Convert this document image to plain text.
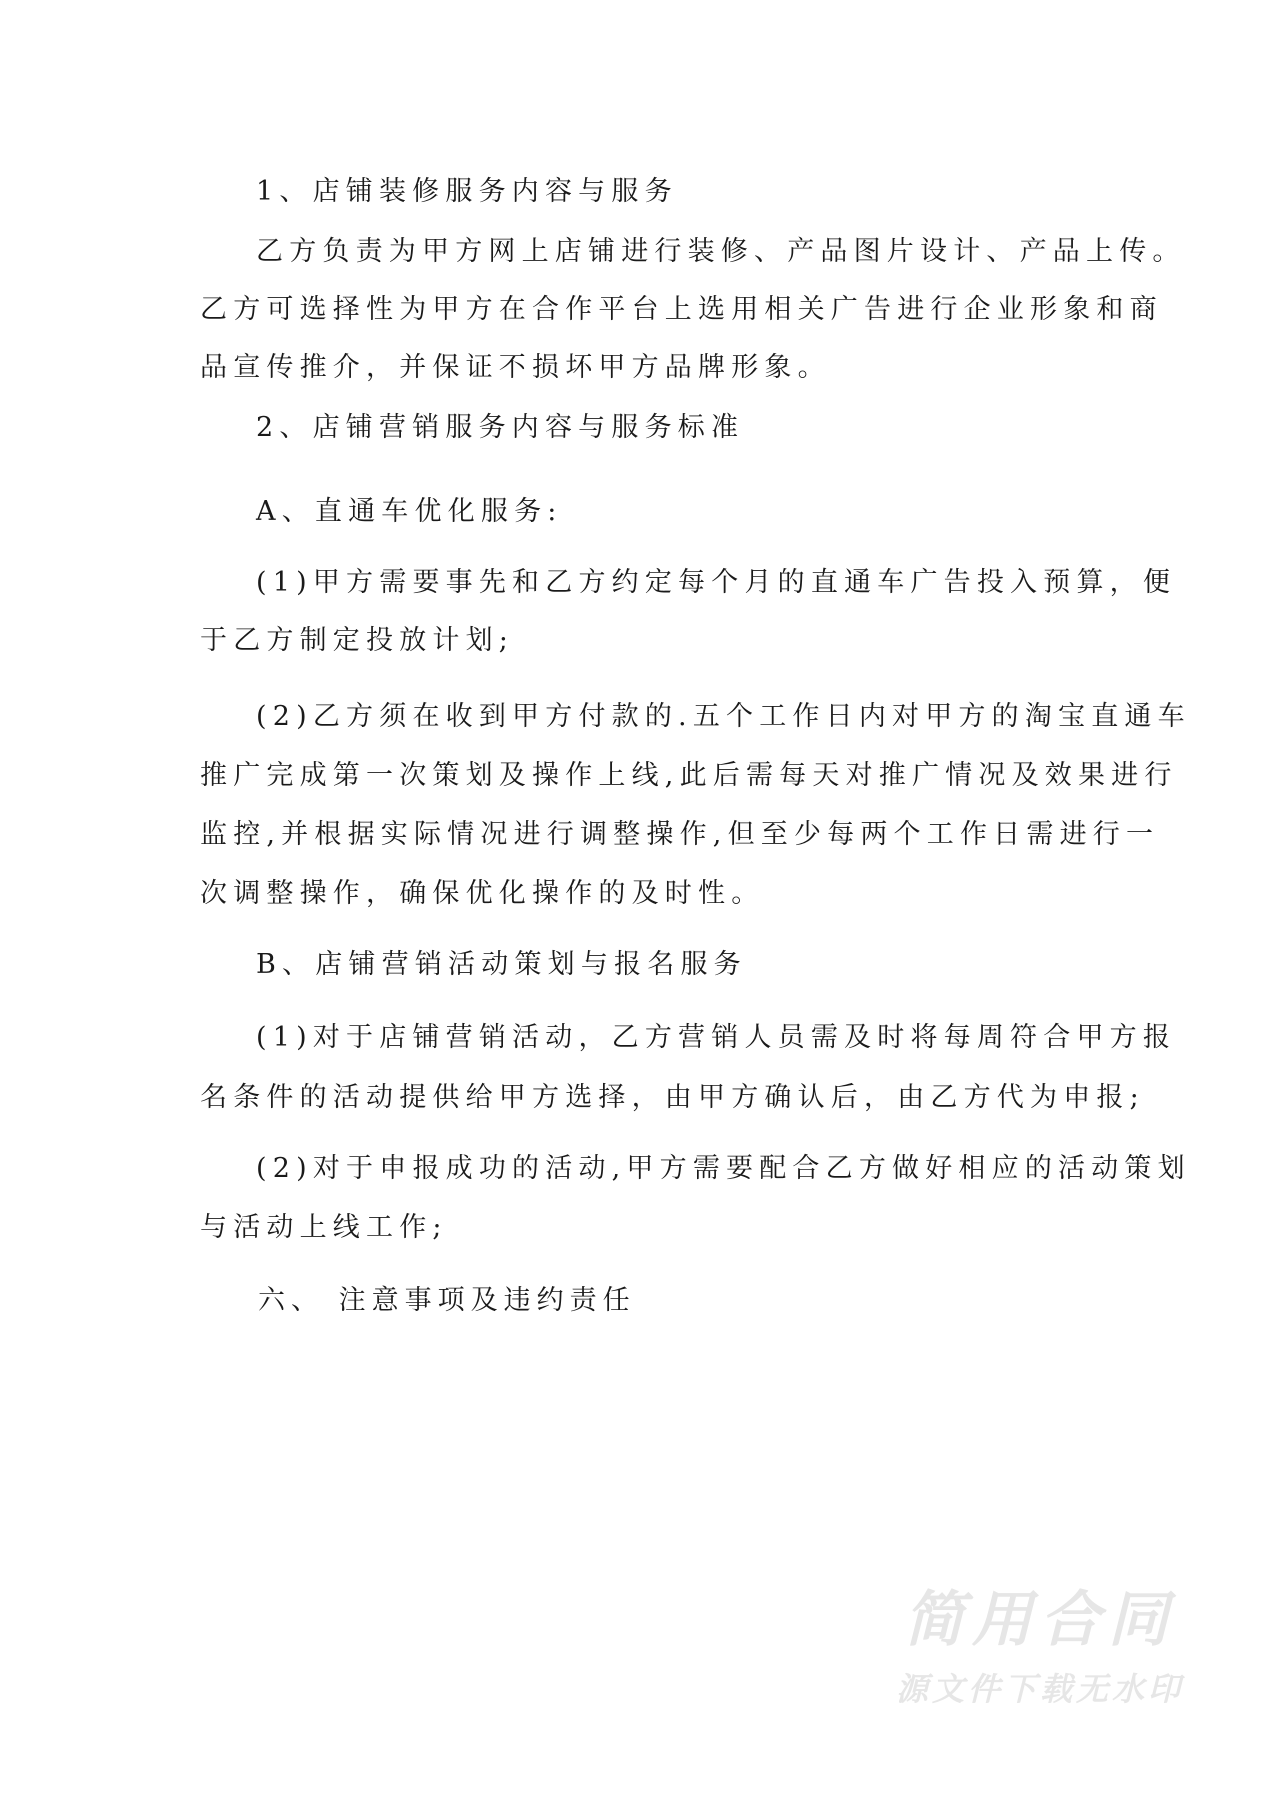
1、店铺装修服务内容与服务
乙方负责为甲方网上店铺进行装修、产品图片设计、产品上传。
乙方可选择性为甲方在合作平台上选用相关广告进行企业形象和商
品宣传推介，并保证不损坏甲方品牌形象。
2、店铺营销服务内容与服务标准
A、直通车优化服务:
(1)甲方需要事先和乙方约定每个月的直通车广告投入预算，便
于乙方制定投放计划;
(2)乙方须在收到甲方付款的.五个工作日内对甲方的淘宝直通车
推广完成第一次策划及操作上线,此后需每天对推广情况及效果进行
监控,并根据实际情况进行调整操作,但至少每两个工作日需进行一
次调整操作，确保优化操作的及时性。
B、店铺营销活动策划与报名服务
(1)对于店铺营销活动，乙方营销人员需及时将每周符合甲方报
名条件的活动提供给甲方选择，由甲方确认后，由乙方代为申报;
(2)对于申报成功的活动,甲方需要配合乙方做好相应的活动策划
与活动上线工作;
六、 注意事项及违约责任
简用合同
源文件下载无水印
